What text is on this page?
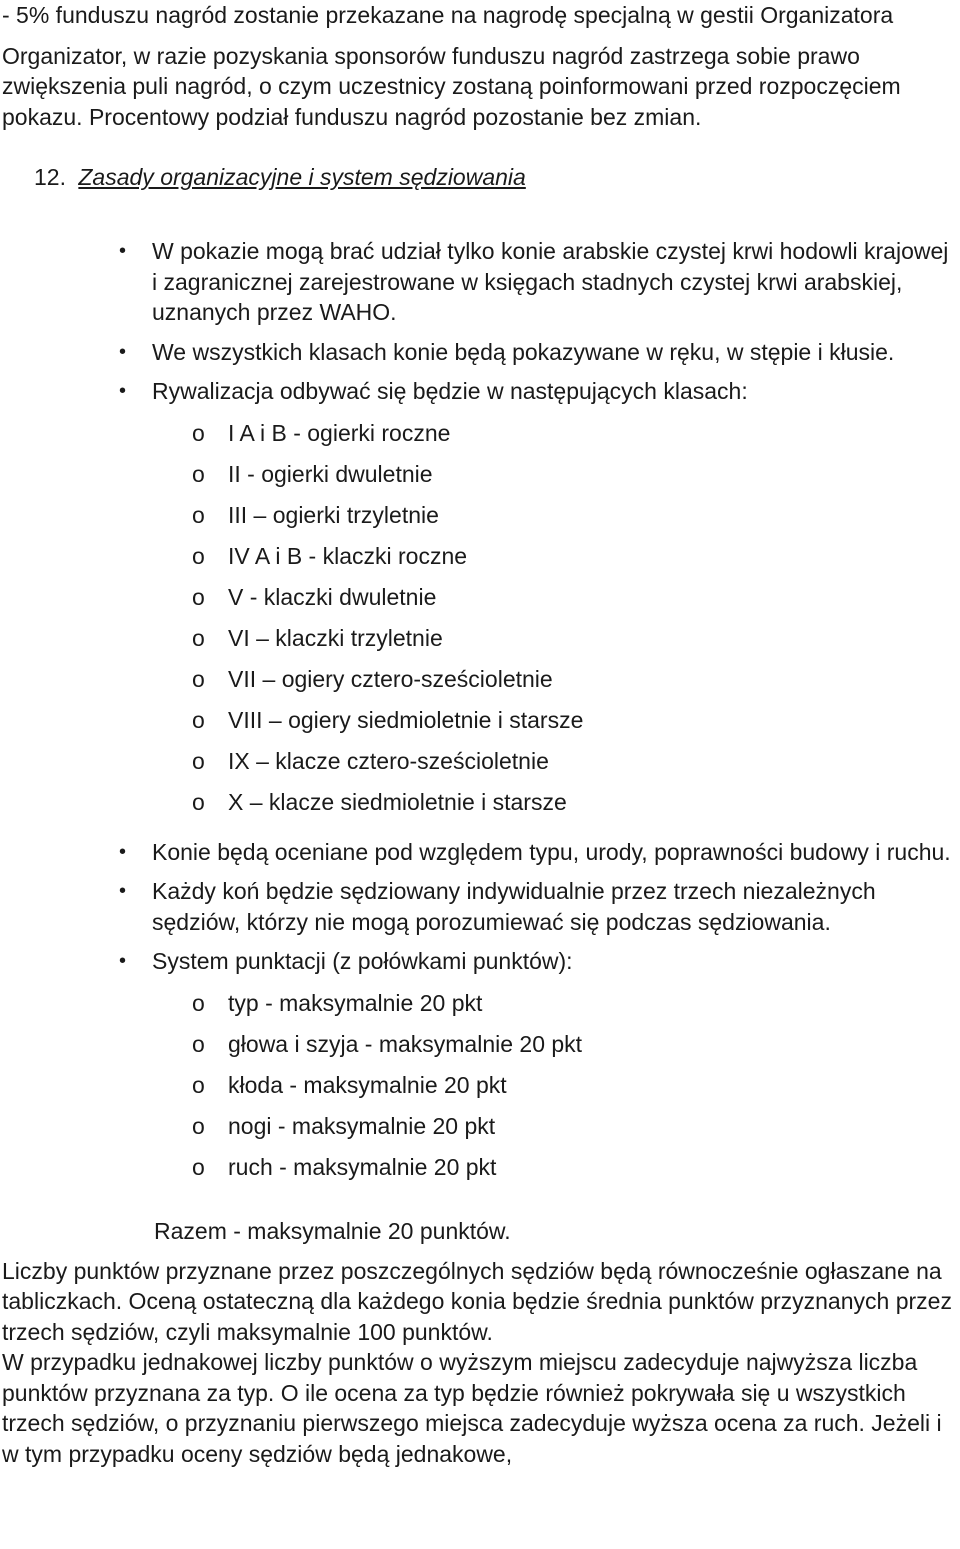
- 5% funduszu nagród zostanie przekazane na nagrodę specjalną w gestii Organizatora

Organizator, w razie pozyskania sponsorów funduszu nagród zastrzega sobie prawo zwiększenia puli nagród, o czym uczestnicy zostaną poinformowani przed rozpoczęciem pokazu. Procentowy podział funduszu nagród pozostanie bez zmian.

12. Zasady organizacyjne i system sędziowania
• W pokazie mogą brać udział tylko konie arabskie czystej krwi hodowli krajowej i zagranicznej zarejestrowane w księgach stadnych czystej krwi arabskiej, uznanych przez WAHO.
• We wszystkich klasach konie będą pokazywane w ręku, w stępie i kłusie.
• Rywalizacja odbywać się będzie w następujących klasach:
o I A i B - ogierki roczne
o II - ogierki dwuletnie
o III – ogierki trzyletnie
o IV A i B - klaczki roczne
o V - klaczki dwuletnie
o VI – klaczki trzyletnie
o VII – ogiery cztero-sześcioletnie
o VIII – ogiery siedmioletnie i starsze
o IX – klacze cztero-sześcioletnie
o X – klacze siedmioletnie i starsze
• Konie będą oceniane pod względem typu, urody, poprawności budowy i ruchu.
• Każdy koń będzie sędziowany indywidualnie przez trzech niezależnych sędziów, którzy nie mogą porozumiewać się podczas sędziowania.
• System punktacji (z połówkami punktów):
o typ - maksymalnie 20 pkt
o głowa i szyja - maksymalnie 20 pkt
o kłoda - maksymalnie 20 pkt
o nogi - maksymalnie 20 pkt
o ruch - maksymalnie 20 pkt
Razem - maksymalnie 20 punktów.

Liczby punktów przyznane przez poszczególnych sędziów będą równocześnie ogłaszane na tabliczkach. Oceną ostateczną dla każdego konia będzie średnia punktów przyznanych przez trzech sędziów, czyli maksymalnie 100 punktów.

W przypadku jednakowej liczby punktów o wyższym miejscu zadecyduje najwyższa liczba punktów przyznana za typ. O ile ocena za typ będzie również pokrywała się u wszystkich trzech sędziów, o przyznaniu pierwszego miejsca zadecyduje wyższa ocena za ruch. Jeżeli i w tym przypadku oceny sędziów będą jednakowe,
